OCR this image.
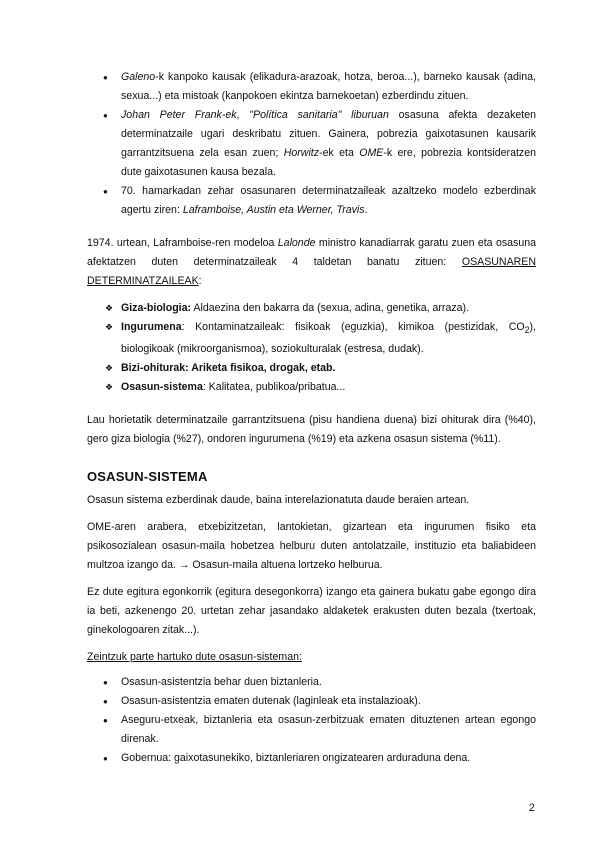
● Galeno-k kanpoko kausak (elikadura-arazoak, hotza, beroa...), barneko kausak (adina, sexua...) eta mistoak (kanpokoen ekintza barnekoetan) ezberdindu zituen.
● Johan Peter Frank-ek, "Política sanitaria" liburuan osasuna afekta dezaketen determinatzaile ugari deskribatu zituen. Gainera, pobrezia gaixotasunen kausarik garrantzitsuena zela esan zuen; Horwitz-ek eta OME-k ere, pobrezia kontsideratzen dute gaixotasunen kausa bezala.
● 70. hamarkadan zehar osasunaren determinatzaileak azaltzeko modelo ezberdinak agertu ziren: Laframboise, Austin eta Werner, Travis.

1974. urtean, Laframboise-ren modeloa Lalonde ministro kanadiarrak garatu zuen eta osasuna afektatzen duten determinatzaileak 4 taldetan banatu zituen: OSASUNAREN DETERMINATZAILEAK:

❖ Giza-biologia: Aldaezina den bakarra da (sexua, adina, genetika, arraza).
❖ Ingurumena: Kontaminatzaileak: fisikoak (eguzkia), kimikoa (pestizidak, $CO_2$), biologikoak (mikroorganismoa), soziokulturalak (estresa, dudak).
❖ Bizi-ohiturak: Ariketa fisikoa, drogak, etab.
❖ Osasun-sistema: Kalitatea, publikoa/pribatua...

Lau horietatik determinatzaile garrantzitsuena (pisu handiena duena) bizi ohiturak dira (%40), gero giza biologia (%27), ondoren ingurumena (%19) eta azkena osasun sistema (%11).

OSASUN-SISTEMA

Osasun sistema ezberdinak daude, baina interelazionatuta daude beraien artean.

OME-aren arabera, etxebizitzetan, lantokietan, gizartean eta ingurumen fisiko eta psikosozialean osasun-maila hobetzea helburu duten antolatzaile, instituzio eta baliabideen multzoa izango da. → Osasun-maila altuena lortzeko helburua.

Ez dute egitura egonkorrik (egitura desegonkorra) izango eta gainera bukatu gabe egongo dira ia beti, azkenengo 20. urtetan zehar jasandako aldaketek erakusten duten bezala (txertoak, ginekologoaren zitak...).

Zeintzuk parte hartuko dute osasun-sisteman:

● Osasun-asistentzia behar duen biztanleria.
● Osasun-asistentzia ematen dutenak (laginleak eta instalazioak).
● Aseguru-etxeak, biztanleria eta osasun-zerbitzuak ematen dituztenen artean egongo direnak.
● Gobernua: gaixotasunekiko, biztanleriaren ongizatearen arduraduna dena.
2
